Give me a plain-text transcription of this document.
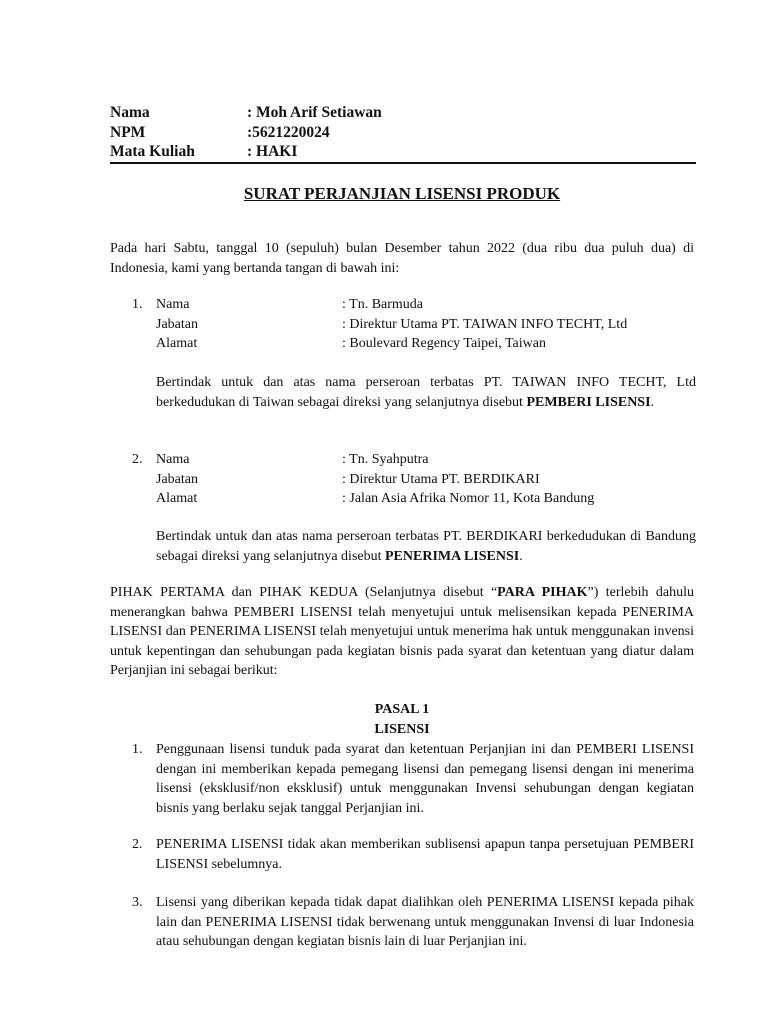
Nama	: Moh Arif Setiawan
NPM	:5621220024
Mata Kuliah	: HAKI
SURAT PERJANJIAN LISENSI PRODUK
Pada hari Sabtu, tanggal 10 (sepuluh) bulan Desember tahun 2022 (dua ribu dua puluh dua) di Indonesia, kami yang bertanda tangan di bawah ini:
1. Nama	: Tn. Barmuda
Jabatan	: Direktur Utama PT. TAIWAN INFO TECHT, Ltd
Alamat	: Boulevard Regency Taipei, Taiwan
Bertindak untuk dan atas nama perseroan terbatas PT. TAIWAN INFO TECHT, Ltd berkedudukan di Taiwan sebagai direksi yang selanjutnya disebut PEMBERI LISENSI.
2. Nama	: Tn. Syahputra
Jabatan	: Direktur Utama PT. BERDIKARI
Alamat	: Jalan Asia Afrika Nomor 11, Kota Bandung
Bertindak untuk dan atas nama perseroan terbatas PT. BERDIKARI berkedudukan di Bandung sebagai direksi yang selanjutnya disebut PENERIMA LISENSI.
PIHAK PERTAMA dan PIHAK KEDUA (Selanjutnya disebut “PARA PIHAK”) terlebih dahulu menerangkan bahwa PEMBERI LISENSI telah menyetujui untuk melisensikan kepada PENERIMA LISENSI dan PENERIMA LISENSI telah menyetujui untuk menerima hak untuk menggunakan invensi untuk kepentingan dan sehubungan pada kegiatan bisnis pada syarat dan ketentuan yang diatur dalam Perjanjian ini sebagai berikut:
PASAL 1
LISENSI
1. Penggunaan lisensi tunduk pada syarat dan ketentuan Perjanjian ini dan PEMBERI LISENSI dengan ini memberikan kepada pemegang lisensi dan pemegang lisensi dengan ini menerima lisensi (eksklusif/non eksklusif) untuk menggunakan Invensi sehubungan dengan kegiatan bisnis yang berlaku sejak tanggal Perjanjian ini.
2. PENERIMA LISENSI tidak akan memberikan sublisensi apapun tanpa persetujuan PEMBERI LISENSI sebelumnya.
3. Lisensi yang diberikan kepada tidak dapat dialihkan oleh PENERIMA LISENSI kepada pihak lain dan PENERIMA LISENSI tidak berwenang untuk menggunakan Invensi di luar Indonesia atau sehubungan dengan kegiatan bisnis lain di luar Perjanjian ini.
